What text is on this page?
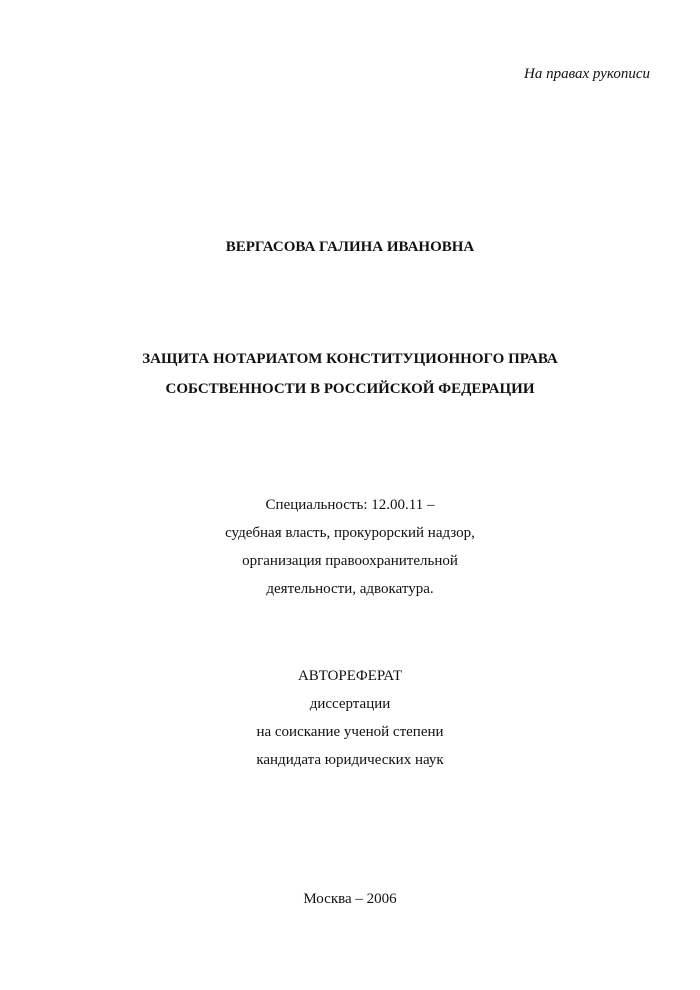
На правах рукописи
ВЕРГАСОВА ГАЛИНА ИВАНОВНА
ЗАЩИТА НОТАРИАТОМ КОНСТИТУЦИОННОГО ПРАВА
СОБСТВЕННОСТИ В РОССИЙСКОЙ ФЕДЕРАЦИИ
Специальность: 12.00.11 –
судебная власть, прокурорский надзор,
организация правоохранительной
деятельности, адвокатура.
АВТОРЕФЕРАТ
диссертации
на соискание ученой степени
кандидата юридических наук
Москва – 2006
